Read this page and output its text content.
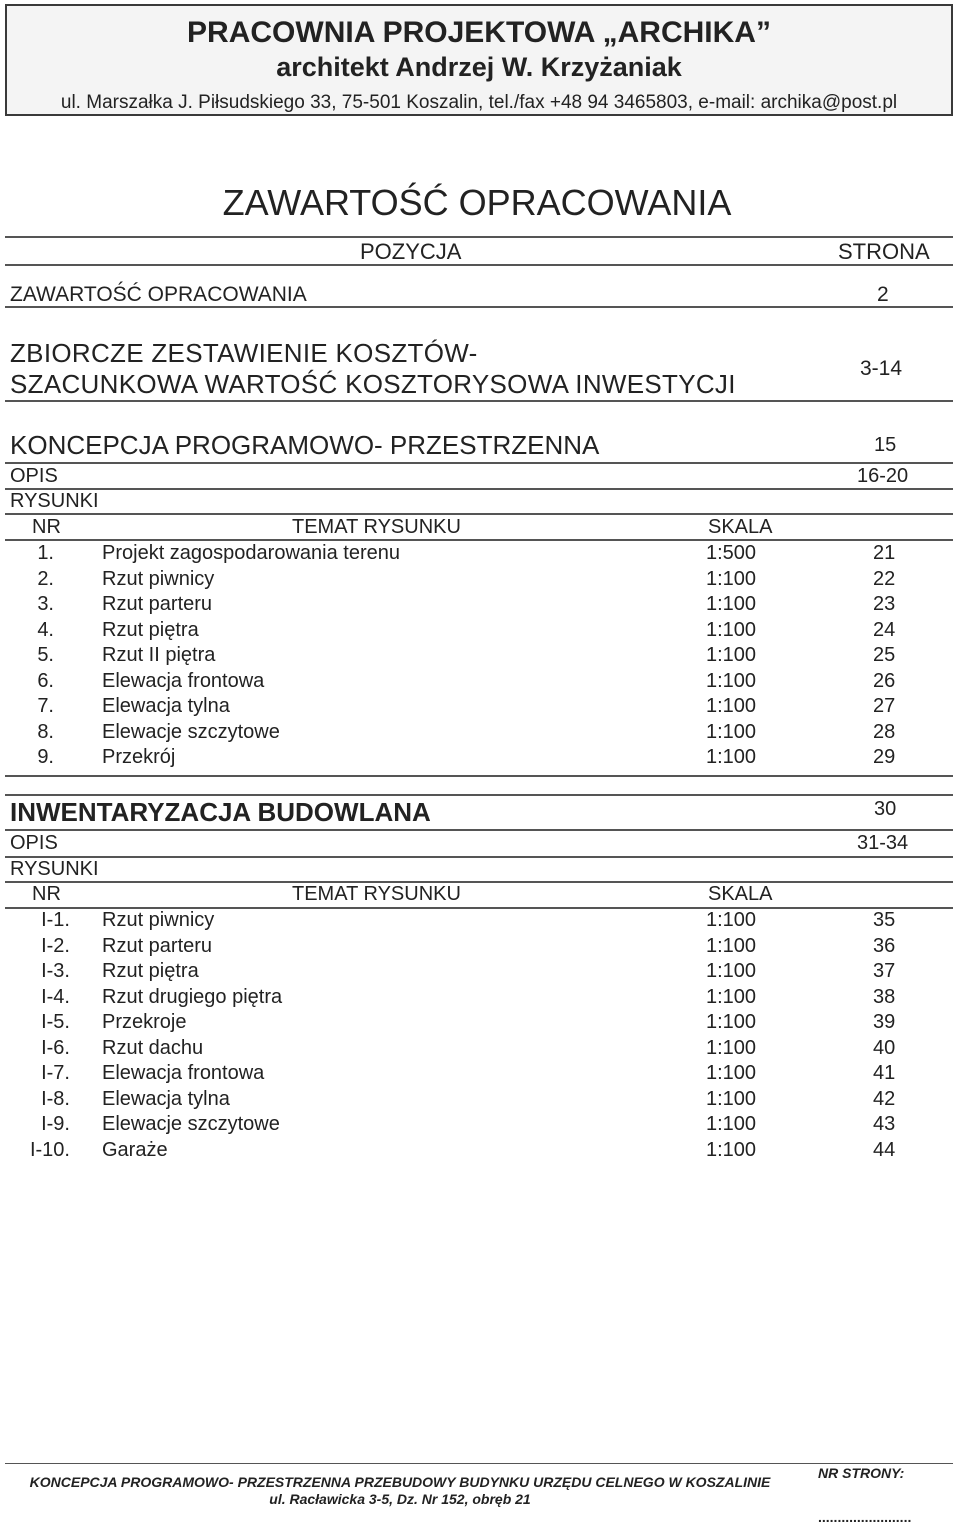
PRACOWNIA PROJEKTOWA „ARCHIKA”
architekt Andrzej W. Krzyżaniak
ul. Marszałka J. Piłsudskiego 33, 75-501 Koszalin, tel./fax +48 94 3465803, e-mail: archika@post.pl
ZAWARTOŚĆ OPRACOWANIA
POZYCJA	STRONA
ZAWARTOŚĆ OPRACOWANIA	2
ZBIORCZE ZESTAWIENIE KOSZTÓW-
SZACUNKOWA WARTOŚĆ KOSZTORYSOWA INWESTYCJI
3-14
KONCEPCJA PROGRAMOWO- PRZESTRZENNA	15
OPIS	16-20
RYSUNKI
NR	TEMAT RYSUNKU	SKALA
1. Projekt zagospodarowania terenu	1:500	21
2. Rzut piwnicy	1:100	22
3. Rzut parteru	1:100	23
4. Rzut piętra	1:100	24
5. Rzut II piętra	1:100	25
6. Elewacja frontowa	1:100	26
7. Elewacja tylna	1:100	27
8. Elewacje szczytowe	1:100	28
9. Przekrój	1:100	29
INWENTARYZACJA BUDOWLANA	30
OPIS	31-34
RYSUNKI
NR	TEMAT RYSUNKU	SKALA
I-1. Rzut piwnicy	1:100	35
I-2. Rzut parteru	1:100	36
I-3. Rzut piętra	1:100	37
I-4. Rzut drugiego piętra	1:100	38
I-5. Przekroje	1:100	39
I-6. Rzut dachu	1:100	40
I-7. Elewacja frontowa	1:100	41
I-8. Elewacja tylna	1:100	42
I-9. Elewacje szczytowe	1:100	43
I-10. Garaże	1:100	44
KONCEPCJA PROGRAMOWO- PRZESTRZENNA PRZEBUDOWY BUDYNKU URZĘDU CELNEGO W KOSZALINIE
ul. Racławicka 3-5, Dz. Nr 152, obręb 21
NR STRONY:
........................
